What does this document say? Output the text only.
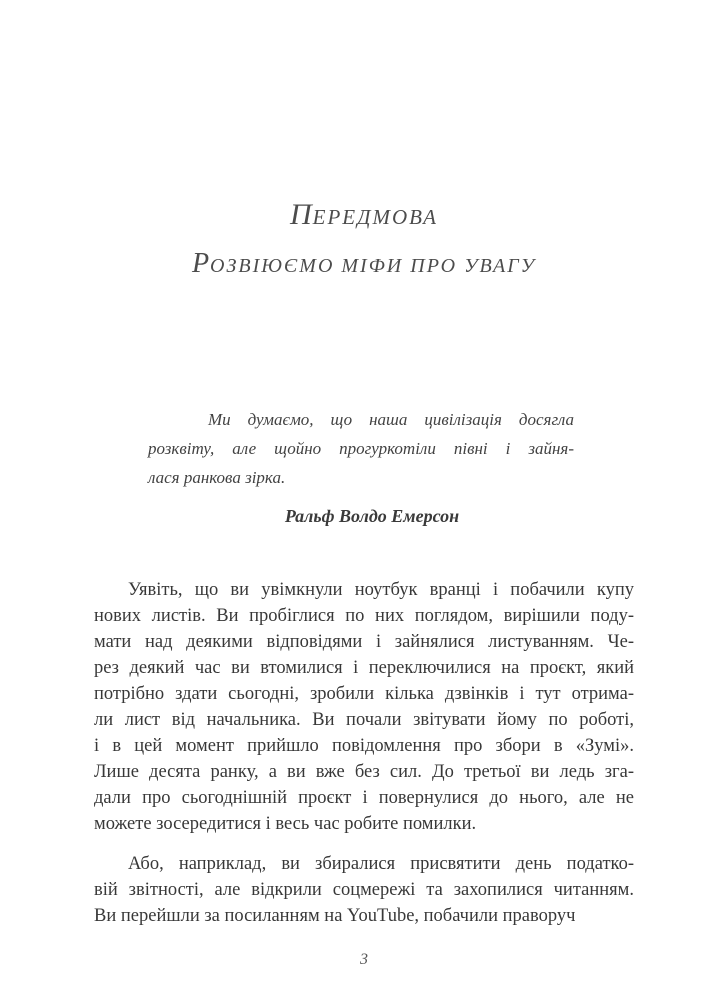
ПЕРЕДМОВА
РОЗВІЮЄМО МІФИ ПРО УВАГУ
Ми думаємо, що наша цивілізація досягла
розквіту, але щойно прогуркотіли півні і зайня-
лася ранкова зірка.
Ральф Волдо Емерсон
Уявіть, що ви увімкнули ноутбук вранці і побачили купу
нових листів. Ви пробіглися по них поглядом, вирішили поду-
мати над деякими відповідями і зайнялися листуванням. Че-
рез деякий час ви втомилися і переключилися на проєкт, який
потрібно здати сьогодні, зробили кілька дзвінків і тут отрима-
ли лист від начальника. Ви почали звітувати йому по роботі,
і в цей момент прийшло повідомлення про збори в «Зумі».
Лише десята ранку, а ви вже без сил. До третьої ви ледь зга-
дали про сьогоднішній проєкт і повернулися до нього, але не
можете зосередитися і весь час робите помилки.
Або, наприклад, ви збиралися присвятити день податко-
вій звітності, але відкрили соцмережі та захопилися читанням.
Ви перейшли за посиланням на YouTube, побачили праворуч
3
